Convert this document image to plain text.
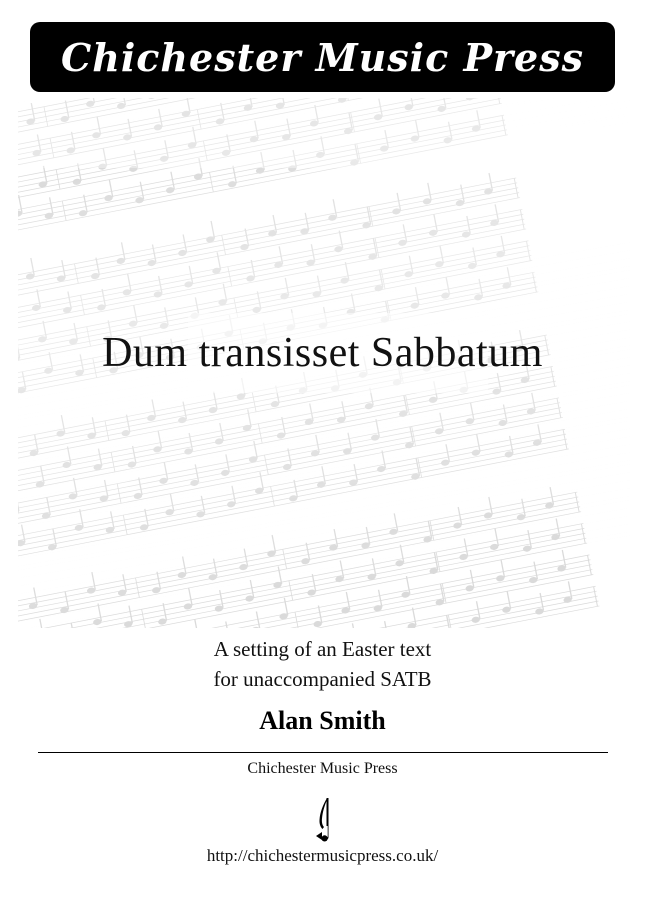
Chichester Music Press
Dum transisset Sabbatum
A setting of an Easter text
for unaccompanied SATB
Alan Smith
Chichester Music Press
http://chichestermusicpress.co.uk/
